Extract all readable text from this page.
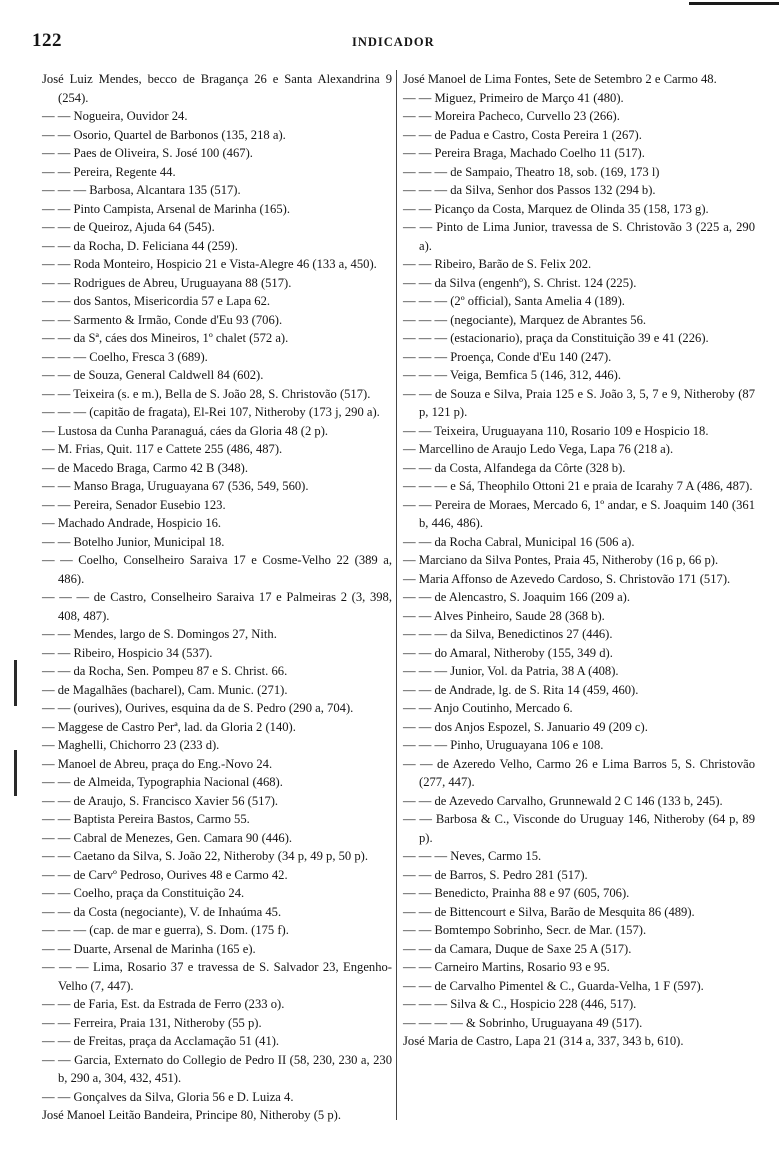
122	INDICADOR

José Luiz Mendes, becco de Bragança 26 e Santa Alexandrina 9 (254).

— — Nogueira, Ouvidor 24.

— — Osorio, Quartel de Barbonos (135, 218 a).

— — Paes de Oliveira, S. José 100 (467).

— — Pereira, Regente 44.

— — — Barbosa, Alcantara 135 (517).

— — Pinto Campista, Arsenal de Marinha (165).

— — de Queiroz, Ajuda 64 (545).

— — da Rocha, D. Feliciana 44 (259).

— — Roda Monteiro, Hospicio 21 e Vista-Alegre 46 (133 a, 450).

— — Rodrigues de Abreu, Uruguayana 88 (517).

— — dos Santos, Misericordia 57 e Lapa 62.

— — Sarmento & Irmão, Conde d'Eu 93 (706).

— — da Sª, cáes dos Mineiros, 1º chalet (572 a).

— — — Coelho, Fresca 3 (689).

— — de Souza, General Caldwell 84 (602).

— — Teixeira (s. e m.), Bella de S. João 28, S. Christovão (517).

— — — (capitão de fragata), El-Rei 107, Nitheroby (173 j, 290 a).

— Lustosa da Cunha Paranaguá, cáes da Gloria 48 (2 p).

— M. Frias, Quit. 117 e Cattete 255 (486, 487).

— de Macedo Braga, Carmo 42 B (348).

— — Manso Braga, Uruguayana 67 (536, 549, 560).

— — Pereira, Senador Eusebio 123.

— Machado Andrade, Hospicio 16.

— — Botelho Junior, Municipal 18.

— — Coelho, Conselheiro Saraiva 17 e Cosme-Velho 22 (389 a, 486).

— — — de Castro, Conselheiro Saraiva 17 e Palmeiras 2 (3, 398, 408, 487).

— — Mendes, largo de S. Domingos 27, Nith.

— — Ribeiro, Hospicio 34 (537).

— — da Rocha, Sen. Pompeu 87 e S. Christ. 66.

— de Magalhães (bacharel), Cam. Munic. (271).

— — (ourives), Ourives, esquina da de S. Pedro (290 a, 704).

— Maggese de Castro Perª, lad. da Gloria 2 (140).

— Maghelli, Chichorro 23 (233 d).

— Manoel de Abreu, praça do Eng.-Novo 24.

— — de Almeida, Typographia Nacional (468).

— — de Araujo, S. Francisco Xavier 56 (517).

— — Baptista Pereira Bastos, Carmo 55.

— — Cabral de Menezes, Gen. Camara 90 (446).

— — Caetano da Silva, S. João 22, Nitheroby (34 p, 49 p, 50 p).

— — de Carvº Pedroso, Ourives 48 e Carmo 42.

— — Coelho, praça da Constituição 24.

— — da Costa (negociante), V. de Inhaúma 45.

— — — (cap. de mar e guerra), S. Dom. (175 f).

— — Duarte, Arsenal de Marinha (165 e).

— — — Lima, Rosario 37 e travessa de S. Salvador 23, Engenho-Velho (7, 447).

— — de Faria, Est. da Estrada de Ferro (233 o).

— — Ferreira, Praia 131, Nitheroby (55 p).

— — de Freitas, praça da Acclamação 51 (41).

— — Garcia, Externato do Collegio de Pedro II (58, 230, 230 a, 230 b, 290 a, 304, 432, 451).

— — Gonçalves da Silva, Gloria 56 e D. Luiza 4.

José Manoel Leitão Bandeira, Principe 80, Nitheroby (5 p).

José Manoel de Lima Fontes, Sete de Setembro 2 e Carmo 48.

— — Miguez, Primeiro de Março 41 (480).

— — Moreira Pacheco, Curvello 23 (266).

— — de Padua e Castro, Costa Pereira 1 (267).

— — Pereira Braga, Machado Coelho 11 (517).

— — — de Sampaio, Theatro 18, sob. (169, 173 l)

— — — da Silva, Senhor dos Passos 132 (294 b).

— — Picanço da Costa, Marquez de Olinda 35 (158, 173 g).

— — Pinto de Lima Junior, travessa de S. Christovão 3 (225 a, 290 a).

— — Ribeiro, Barão de S. Felix 202.

— — da Silva (engenhº), S. Christ. 124 (225).

— — — (2º official), Santa Amelia 4 (189).

— — — (negociante), Marquez de Abrantes 56.

— — — (estacionario), praça da Constituição 39 e 41 (226).

— — — Proença, Conde d'Eu 140 (247).

— — — Veiga, Bemfica 5 (146, 312, 446).

— — de Souza e Silva, Praia 125 e S. João 3, 5, 7 e 9, Nitheroby (87 p, 121 p).

— — Teixeira, Uruguayana 110, Rosario 109 e Hospicio 18.

— Marcellino de Araujo Ledo Vega, Lapa 76 (218 a).

— — da Costa, Alfandega da Côrte (328 b).

— — — e Sá, Theophilo Ottoni 21 e praia de Icarahy 7 A (486, 487).

— — Pereira de Moraes, Mercado 6, 1º andar, e S. Joaquim 140 (361 b, 446, 486).

— — da Rocha Cabral, Municipal 16 (506 a).

— Marciano da Silva Pontes, Praia 45, Nitheroby (16 p, 66 p).

— Maria Affonso de Azevedo Cardoso, S. Christovão 171 (517).

— — de Alencastro, S. Joaquim 166 (209 a).

— — Alves Pinheiro, Saude 28 (368 b).

— — — da Silva, Benedictinos 27 (446).

— — do Amaral, Nitheroby (155, 349 d).

— — — Junior, Vol. da Patria, 38 A (408).

— — de Andrade, lg. de S. Rita 14 (459, 460).

— — Anjo Coutinho, Mercado 6.

— — dos Anjos Espozel, S. Januario 49 (209 c).

— — — Pinho, Uruguayana 106 e 108.

— — de Azeredo Velho, Carmo 26 e Lima Barros 5, S. Christovão (277, 447).

— — de Azevedo Carvalho, Grunnewald 2 C 146 (133 b, 245).

— — Barbosa & C., Visconde do Uruguay 146, Nitheroby (64 p, 89 p).

— — — Neves, Carmo 15.

— — de Barros, S. Pedro 281 (517).

— — Benedicto, Prainha 88 e 97 (605, 706).

— — de Bittencourt e Silva, Barão de Mesquita 86 (489).

— — Bomtempo Sobrinho, Secr. de Mar. (157).

— — da Camara, Duque de Saxe 25 A (517).

— — Carneiro Martins, Rosario 93 e 95.

— — de Carvalho Pimentel & C., Guarda-Velha, 1 F (597).

— — — Silva & C., Hospicio 228 (446, 517).

— — — — & Sobrinho, Uruguayana 49 (517).

José Maria de Castro, Lapa 21 (314 a, 337, 343 b, 610).
